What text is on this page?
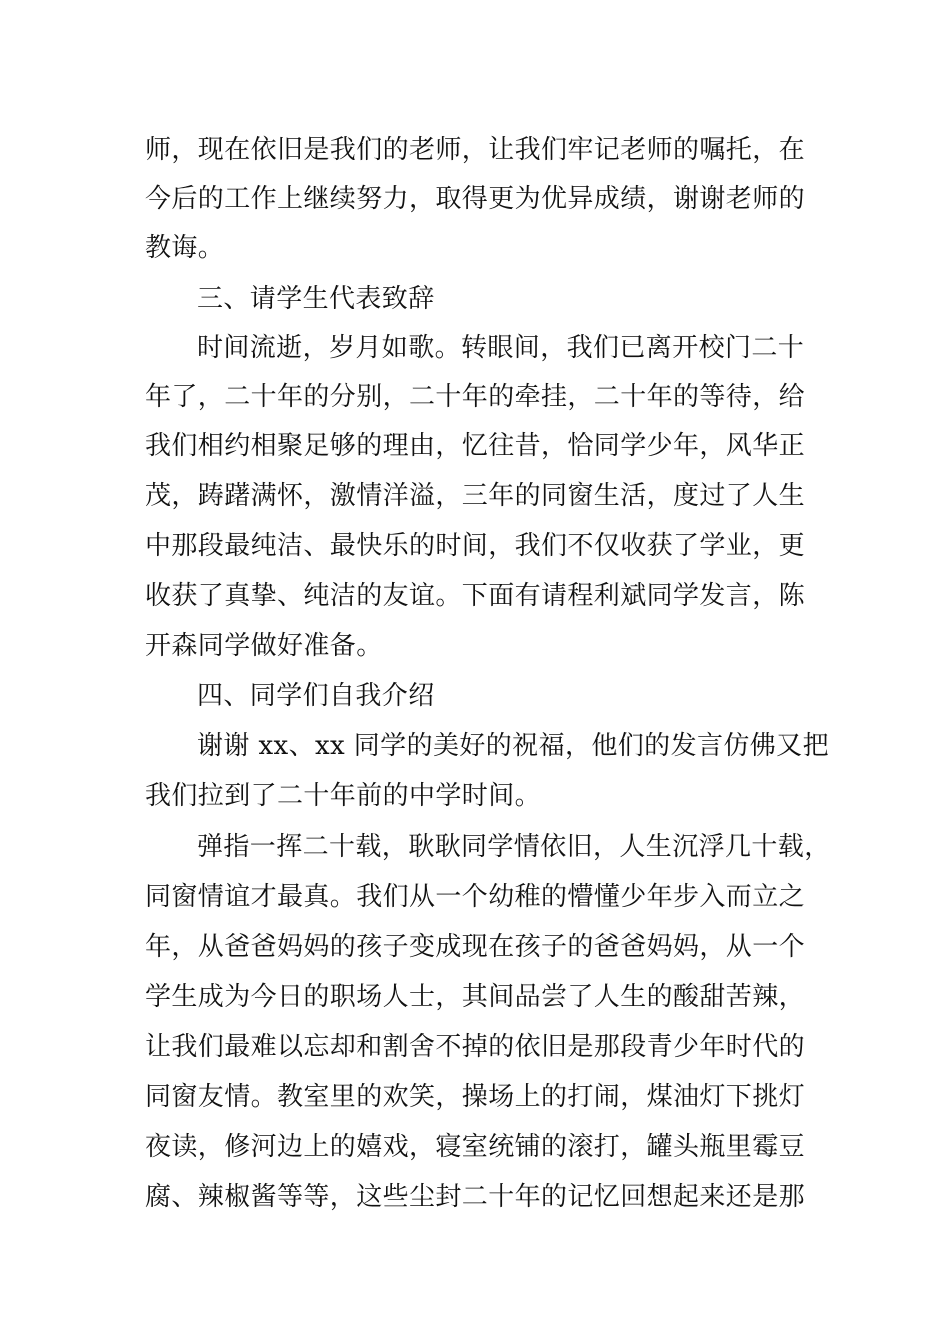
师，现在依旧是我们的老师，让我们牢记老师的嘱托，在
今后的工作上继续努力，取得更为优异成绩，谢谢老师的
教诲。
三、请学生代表致辞
时间流逝，岁月如歌。转眼间，我们已离开校门二十
年了，二十年的分别，二十年的牵挂，二十年的等待，给
我们相约相聚足够的理由，忆往昔，恰同学少年，风华正
茂，踌躇满怀，激情洋溢，三年的同窗生活，度过了人生
中那段最纯洁、最快乐的时间，我们不仅收获了学业，更
收获了真挚、纯洁的友谊。下面有请程利斌同学发言，陈
开森同学做好准备。
四、同学们自我介绍
谢谢 xx、xx 同学的美好的祝福，他们的发言仿佛又把
我们拉到了二十年前的中学时间。
弹指一挥二十载，耿耿同学情依旧，人生沉浮几十载，
同窗情谊才最真。我们从一个幼稚的懵懂少年步入而立之
年，从爸爸妈妈的孩子变成现在孩子的爸爸妈妈，从一个
学生成为今日的职场人士，其间品尝了人生的酸甜苦辣，
让我们最难以忘却和割舍不掉的依旧是那段青少年时代的
同窗友情。教室里的欢笑，操场上的打闹，煤油灯下挑灯
夜读，修河边上的嬉戏，寝室统铺的滚打，罐头瓶里霉豆
腐、辣椒酱等等，这些尘封二十年的记忆回想起来还是那
